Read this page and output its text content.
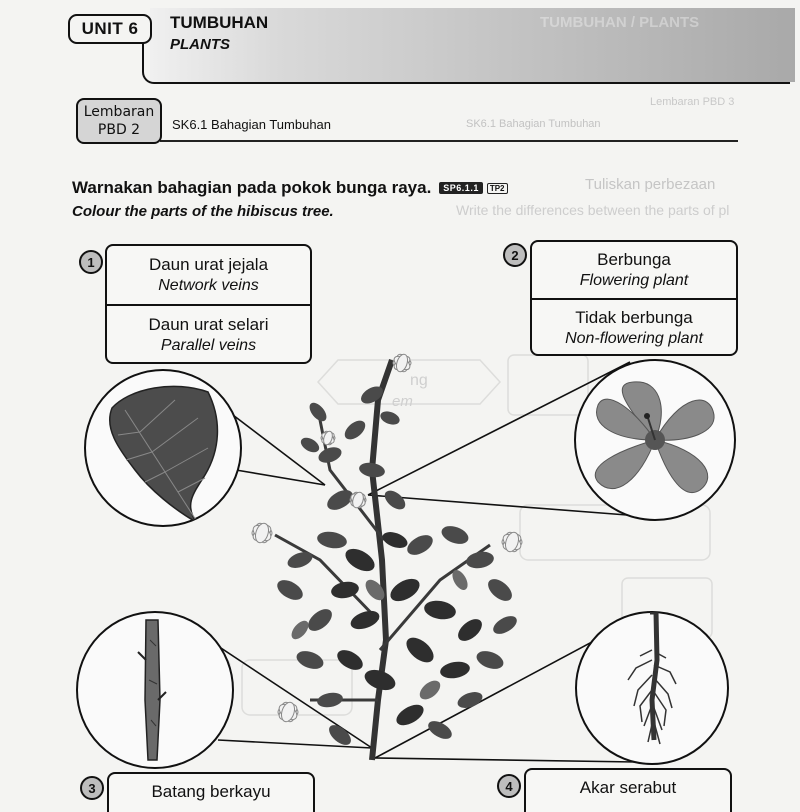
TUMBUHAN / PLANTS
UNIT 6	TUMBUHAN
PLANTS
Lembaran PBD 3
SK6.1 Bahagian Tumbuhan
Lembaran
PBD 2	SK6.1 Bahagian Tumbuhan
Tuliskan perbezaan
Write the differences between the parts of pl
Warnakan bahagian pada pokok bunga raya.	SP6.1.1	TP2
Colour the parts of the hibiscus tree.
ng
em
1	Daun urat jejala
Network veins
Daun urat selari
Parallel veins
2	Berbunga
Flowering plant
Tidak berbunga
Non-flowering plant
3	Batang berkayu	4	Akar serabut
